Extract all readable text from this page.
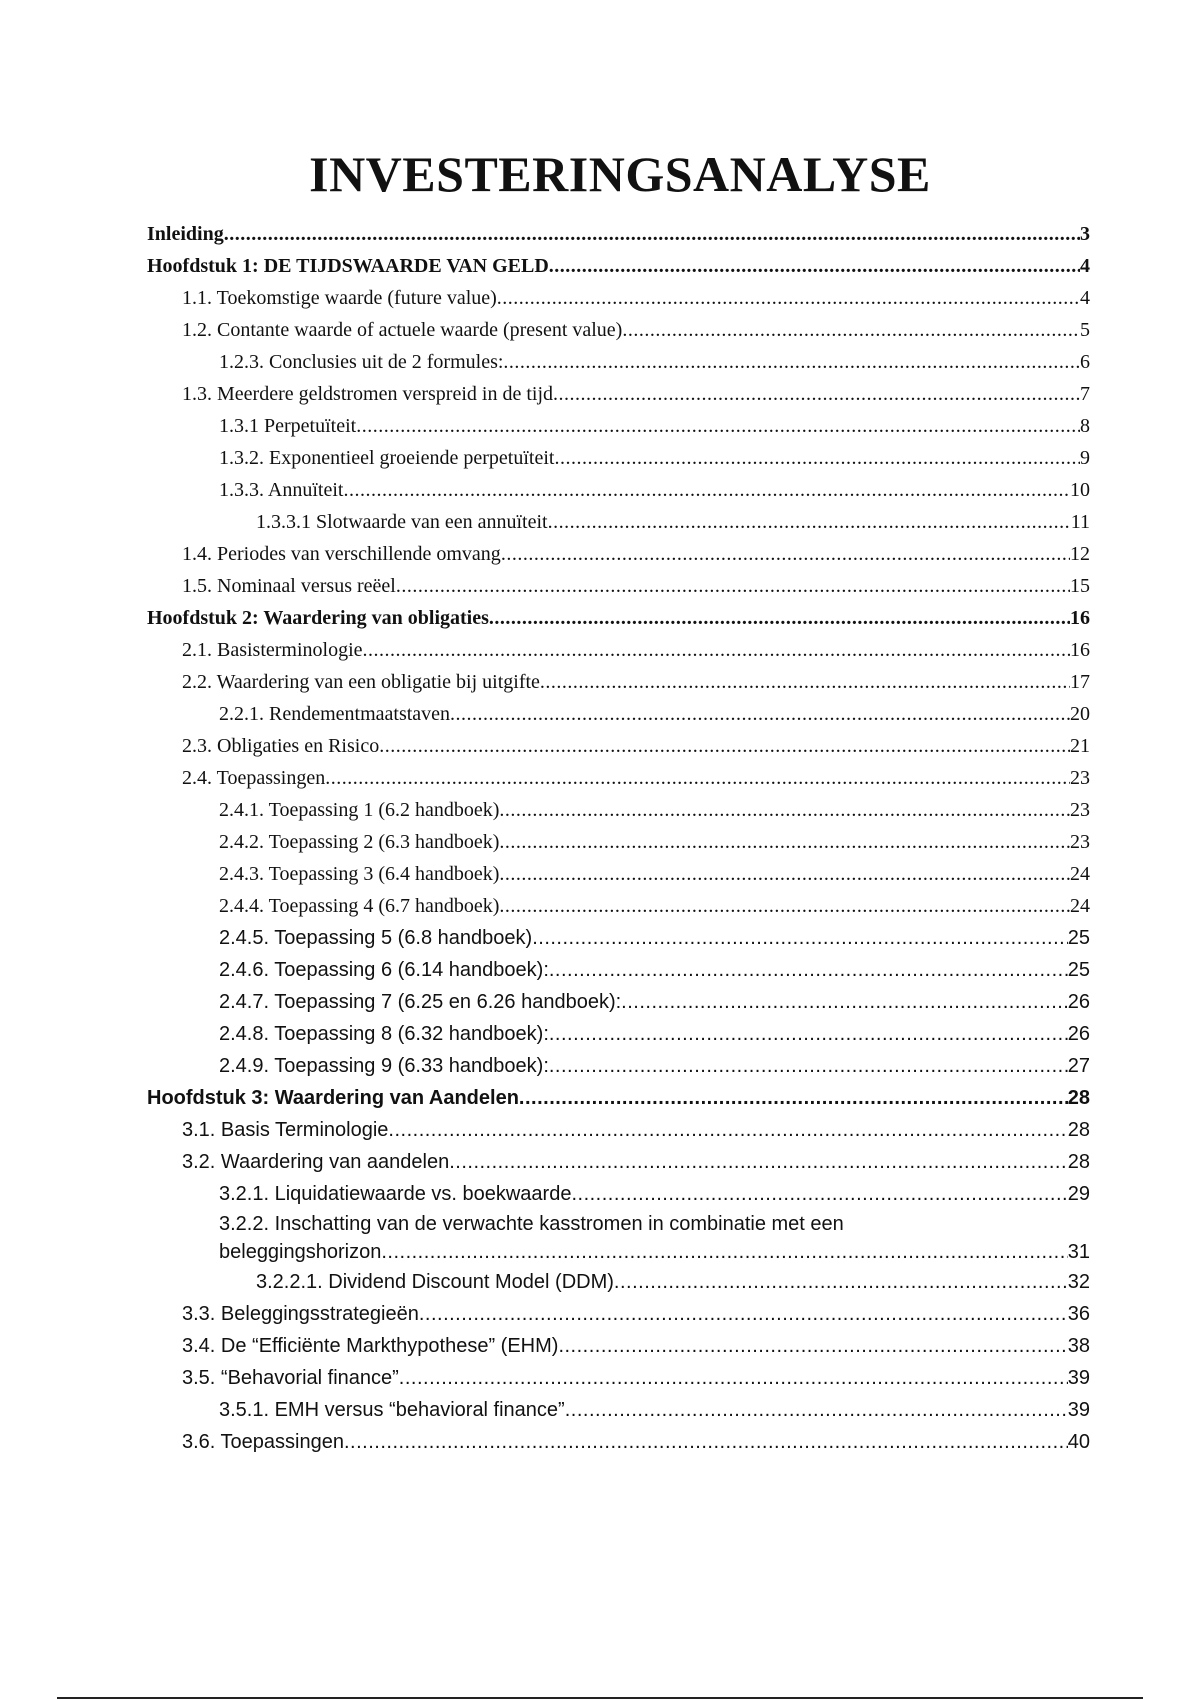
INVESTERINGSANALYSE
Inleiding .....	3
Hoofdstuk 1: DE TIJDSWAARDE VAN GELD .....	4
1.1. Toekomstige waarde (future value) .....	4
1.2. Contante waarde of actuele waarde (present value) .....	5
1.2.3. Conclusies uit de 2 formules: .....	6
1.3. Meerdere geldstromen verspreid in de tijd .....	7
1.3.1 Perpetuïteit .....	8
1.3.2. Exponentieel groeiende perpetuïteit .....	9
1.3.3. Annuïteit .....	10
1.3.3.1 Slotwaarde van een annuïteit .....	11
1.4. Periodes van verschillende omvang .....	12
1.5. Nominaal versus reëel .....	15
Hoofdstuk 2: Waardering van obligaties .....	16
2.1. Basisterminologie .....	16
2.2. Waardering van een obligatie bij uitgifte .....	17
2.2.1. Rendementmaatstaven .....	20
2.3. Obligaties en Risico .....	21
2.4. Toepassingen .....	23
2.4.1. Toepassing 1 (6.2 handboek) .....	23
2.4.2. Toepassing 2 (6.3 handboek) .....	23
2.4.3. Toepassing 3 (6.4 handboek) .....	24
2.4.4. Toepassing 4 (6.7 handboek) .....	24
2.4.5. Toepassing 5 (6.8 handboek) .....	25
2.4.6. Toepassing 6 (6.14 handboek): .....	25
2.4.7. Toepassing 7 (6.25 en 6.26 handboek): .....	26
2.4.8. Toepassing 8 (6.32 handboek): .....	26
2.4.9. Toepassing 9 (6.33 handboek): .....	27
Hoofdstuk 3: Waardering van Aandelen .....	28
3.1. Basis Terminologie .....	28
3.2. Waardering van aandelen .....	28
3.2.1. Liquidatiewaarde vs. boekwaarde .....	29
3.2.2. Inschatting van de verwachte kasstromen in combinatie met een
beleggingshorizon .....	31
3.2.2.1. Dividend Discount Model (DDM) .....	32
3.3. Beleggingsstrategieën .....	36
3.4. De “Efficiënte Markthypothese” (EHM) .....	38
3.5. “Behavorial finance” .....	39
3.5.1. EMH versus “behavioral finance” .....	39
3.6. Toepassingen .....	40
